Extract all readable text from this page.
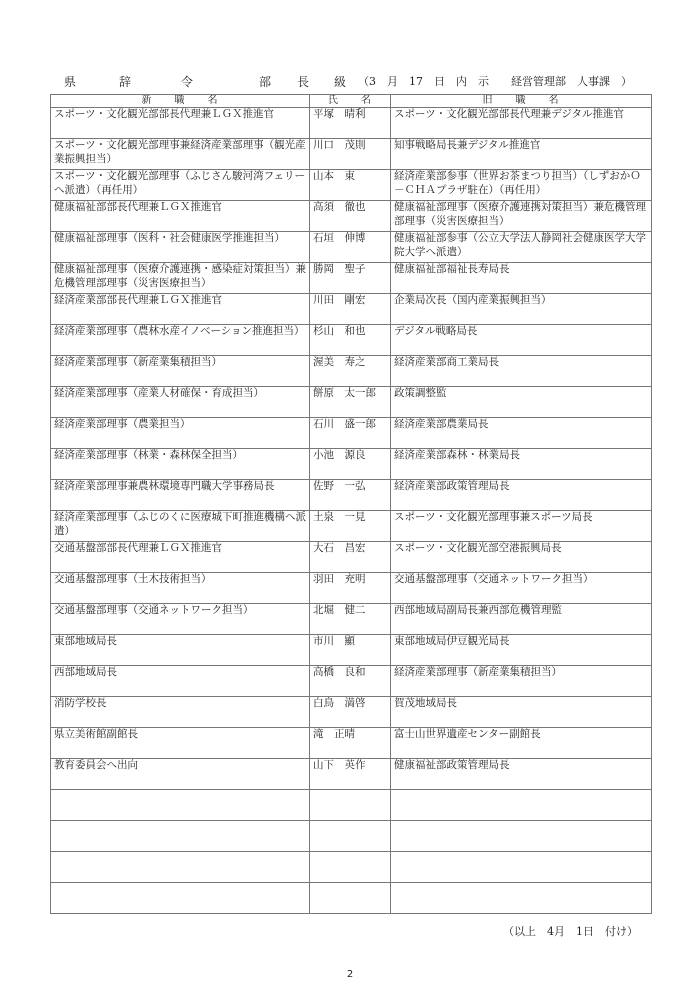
県	辞	令	部 長 級 （3　月　17　日　内　示　　経営管理部　人事課　）
新　　職　　名	氏　　名	旧　　職　　名

スポーツ・文化観光部部長代理兼ＬＧＸ推進官	平塚　晴利	スポーツ・文化観光部部長代理兼デジタル推進官
スポーツ・文化観光部理事兼経済産業部理事（観光産業振興担当）	川口　茂則	知事戦略局長兼デジタル推進官
スポーツ・文化観光部理事（ふじさん駿河湾フェリーへ派遣）（再任用）	山本　東	経済産業部参事（世界お茶まつり担当）（しずおかＯ－ＣＨＡプラザ駐在）（再任用）
健康福祉部部長代理兼ＬＧＸ推進官	高須　徹也	健康福祉部理事（医療介護連携対策担当）兼危機管理部理事（災害医療担当）
健康福祉部理事（医科・社会健康医学推進担当）	石垣　伸博	健康福祉部参事（公立大学法人静岡社会健康医学大学院大学へ派遣）
健康福祉部理事（医療介護連携・感染症対策担当）兼危機管理部理事（災害医療担当）	勝岡　聖子	健康福祉部福祉長寿局長
経済産業部部長代理兼ＬＧＸ推進官	川田　剛宏	企業局次長（国内産業振興担当）
経済産業部理事（農林水産イノベーション推進担当）	杉山　和也	デジタル戦略局長
経済産業部理事（新産業集積担当）	渥美　寿之	経済産業部商工業局長
経済産業部理事（産業人材確保・育成担当）	餅原　太一郎	政策調整監
経済産業部理事（農業担当）	石川　盛一郎	経済産業部農業局長
経済産業部理事（林業・森林保全担当）	小池　源良	経済産業部森林・林業局長
経済産業部理事兼農林環境専門職大学事務局長	佐野　一弘	経済産業部政策管理局長
経済産業部理事（ふじのくに医療城下町推進機構へ派遣）	土泉　一見	スポーツ・文化観光部理事兼スポーツ局長
交通基盤部部長代理兼ＬＧＸ推進官	大石　昌宏	スポーツ・文化観光部空港振興局長
交通基盤部理事（土木技術担当）	羽田　充明	交通基盤部理事（交通ネットワーク担当）
交通基盤部理事（交通ネットワーク担当）	北堀　健二	西部地域局副局長兼西部危機管理監
東部地域局長	市川　顯	東部地域局伊豆観光局長
西部地域局長	高橋　良和	経済産業部理事（新産業集積担当）
消防学校長	白鳥　満啓	賀茂地域局長
県立美術館副館長	滝　正晴	富士山世界遺産センター副館長
教育委員会へ出向	山下　英作	健康福祉部政策管理局長

（以上　4月　1日　付け）
2
